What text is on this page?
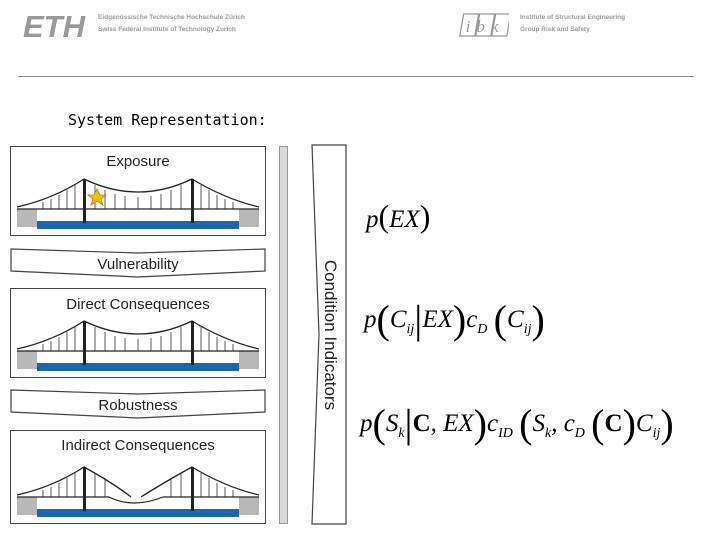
ETH Eidgenössische Technische Hochschule Zürich
Swiss Federal Institute of Technology Zurich	ibk Institute of Structural Engineering
Group Risk and Safety
System Representation:
Exposure
Vulnerability
Direct Consequences
Robustness
Indirect Consequences
Condition Indicators
p(EX)
$p(C_{ij}|EX)c_D$ $(C_{ij})$
$p(S_k|C$, $EX)c_{ID}$ ($S_k$, $c_D$ $(C)C_{ij}$)
